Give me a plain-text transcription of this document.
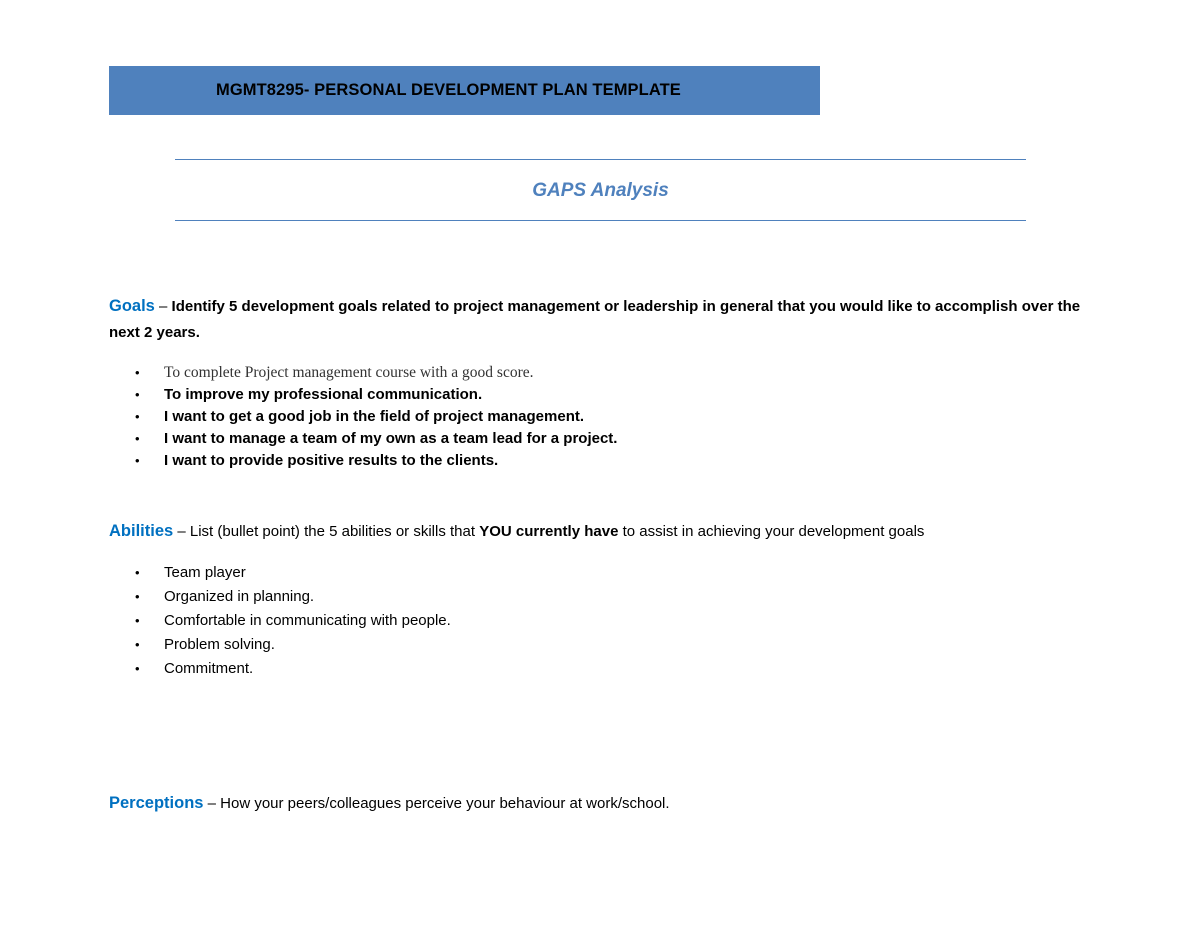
MGMT8295- PERSONAL DEVELOPMENT PLAN TEMPLATE
GAPS Analysis
Goals – Identify 5 development goals related to project management or leadership in general that you would like to accomplish over the next 2 years.
• To complete Project management course with a good score.
• To improve my professional communication.
• I want to get a good job in the field of project management.
• I want to manage a team of my own as a team lead for a project.
• I want to provide positive results to the clients.
Abilities – List (bullet point) the 5 abilities or skills that YOU currently have to assist in achieving your development goals
• Team player
• Organized in planning.
• Comfortable in communicating with people.
• Problem solving.
• Commitment.
Perceptions – How your peers/colleagues perceive your behaviour at work/school.
